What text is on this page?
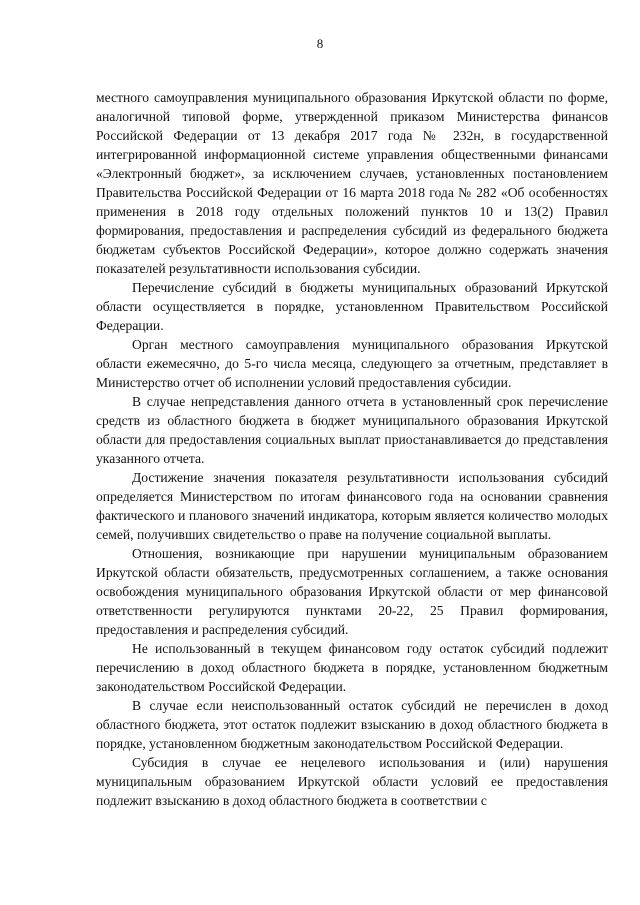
8

местного самоуправления муниципального образования Иркутской области по форме, аналогичной типовой форме, утвержденной приказом Министерства финансов Российской Федерации от 13 декабря 2017 года № 232н, в государственной интегрированной информационной системе управления общественными финансами «Электронный бюджет», за исключением случаев, установленных постановлением Правительства Российской Федерации от 16 марта 2018 года № 282 «Об особенностях применения в 2018 году отдельных положений пунктов 10 и 13(2) Правил формирования, предоставления и распределения субсидий из федерального бюджета бюджетам субъектов Российской Федерации», которое должно содержать значения показателей результативности использования субсидии.

Перечисление субсидий в бюджеты муниципальных образований Иркутской области осуществляется в порядке, установленном Правительством Российской Федерации.

Орган местного самоуправления муниципального образования Иркутской области ежемесячно, до 5-го числа месяца, следующего за отчетным, представляет в Министерство отчет об исполнении условий предоставления субсидии.

В случае непредставления данного отчета в установленный срок перечисление средств из областного бюджета в бюджет муниципального образования Иркутской области для предоставления социальных выплат приостанавливается до представления указанного отчета.

Достижение значения показателя результативности использования субсидий определяется Министерством по итогам финансового года на основании сравнения фактического и планового значений индикатора, которым является количество молодых семей, получивших свидетельство о праве на получение социальной выплаты.

Отношения, возникающие при нарушении муниципальным образованием Иркутской области обязательств, предусмотренных соглашением, а также основания освобождения муниципального образования Иркутской области от мер финансовой ответственности регулируются пунктами 20-22, 25 Правил формирования, предоставления и распределения субсидий.

Не использованный в текущем финансовом году остаток субсидий подлежит перечислению в доход областного бюджета в порядке, установленном бюджетным законодательством Российской Федерации.

В случае если неиспользованный остаток субсидий не перечислен в доход областного бюджета, этот остаток подлежит взысканию в доход областного бюджета в порядке, установленном бюджетным законодательством Российской Федерации.

Субсидия в случае ее нецелевого использования и (или) нарушения муниципальным образованием Иркутской области условий ее предоставления подлежит взысканию в доход областного бюджета в соответствии с
